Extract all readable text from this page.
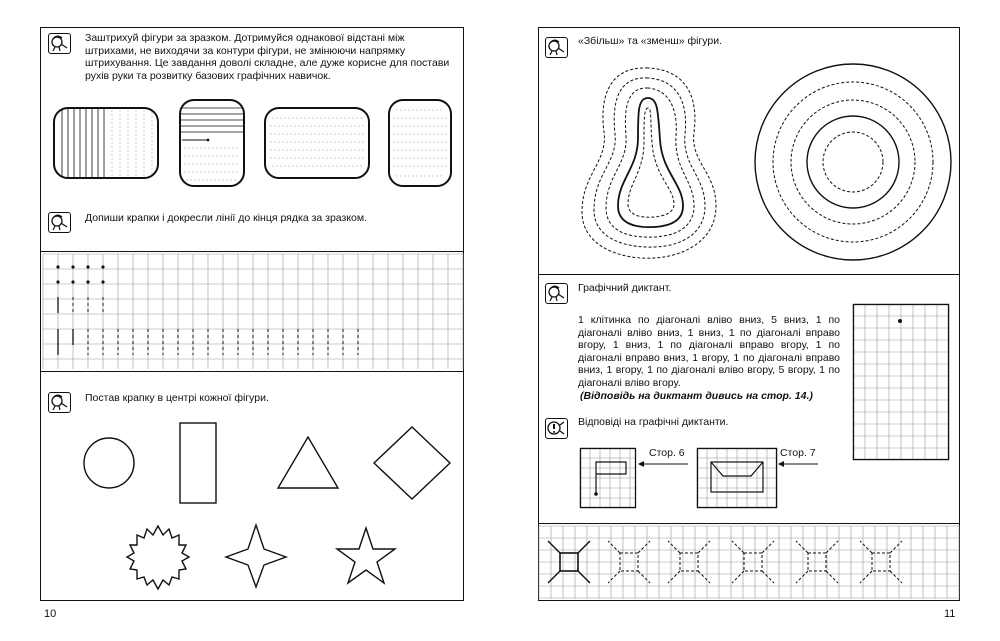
Заштрихуй фігури за зразком. Дотримуйся однакової відстані між штрихами, не виходячи за контури фігури, не змінюючи напрямку штрихування. Це завдання доволі складне, але дуже корисне для постави рухів руки та розвитку базових графічних навичок.
Допиши крапки і докресли лінії до кінця рядка за зразком.
Постав крапку в центрі кожної фігури.
10
«Збільш» та «зменш» фігури.
Графічний диктант.
1 клітинка по діагоналі вліво вниз, 5 вниз, 1 по діагоналі вліво вниз, 1 вниз, 1 по діагоналі вправо вгору, 1 вниз, 1 по діагоналі вправо вгору, 1 по діагоналі вправо вниз, 1 вгору, 1 по діагоналі вправо вниз, 1 вгору, 1 по діагоналі вліво вгору, 5 вгору, 1 по діагоналі вліво вгору.
(Відповідь на диктант дивись на стор. 14.)
Відповіді на графічні диктанти.
Стор. 6	Стор. 7
11
